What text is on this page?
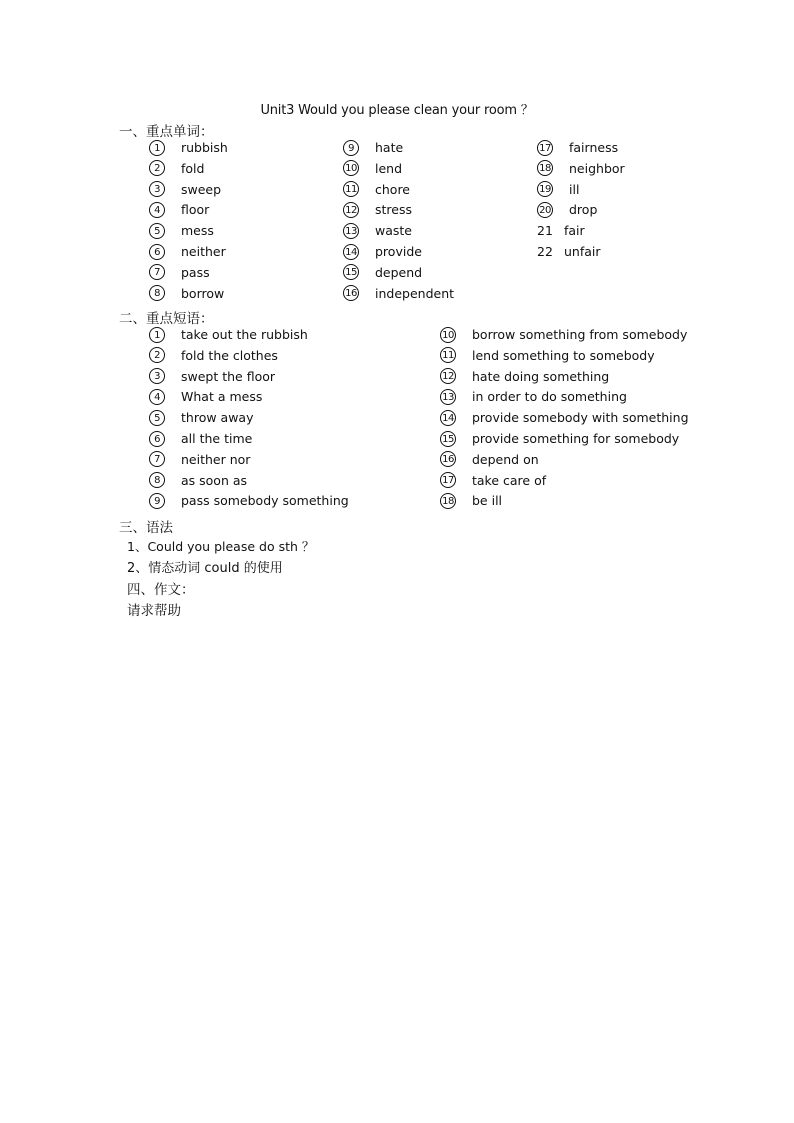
Unit3 Would you please clean your room ？
一、重点单词：
1 rubbish
2 fold
3 sweep
4 floor
5 mess
6 neither
7 pass
8 borrow
9 hate
10 lend
11 chore
12 stress
13 waste
14 provide
15 depend
16 independent
17 fairness
18 neighbor
19 ill
20 drop
21 fair
22 unfair
二、重点短语：
1 take out the rubbish
2 fold the clothes
3 swept the floor
4 What a mess
5 throw away
6 all the time
7 neither nor
8 as soon as
9 pass somebody something
10 borrow something from somebody
11 lend something to somebody
12 hate doing something
13 in order to do something
14 provide somebody with something
15 provide something for somebody
16 depend on
17 take care of
18 be ill
三、语法
1、Could you please do sth ？
2、情态动词 could 的使用
四、作文：
请求帮助
